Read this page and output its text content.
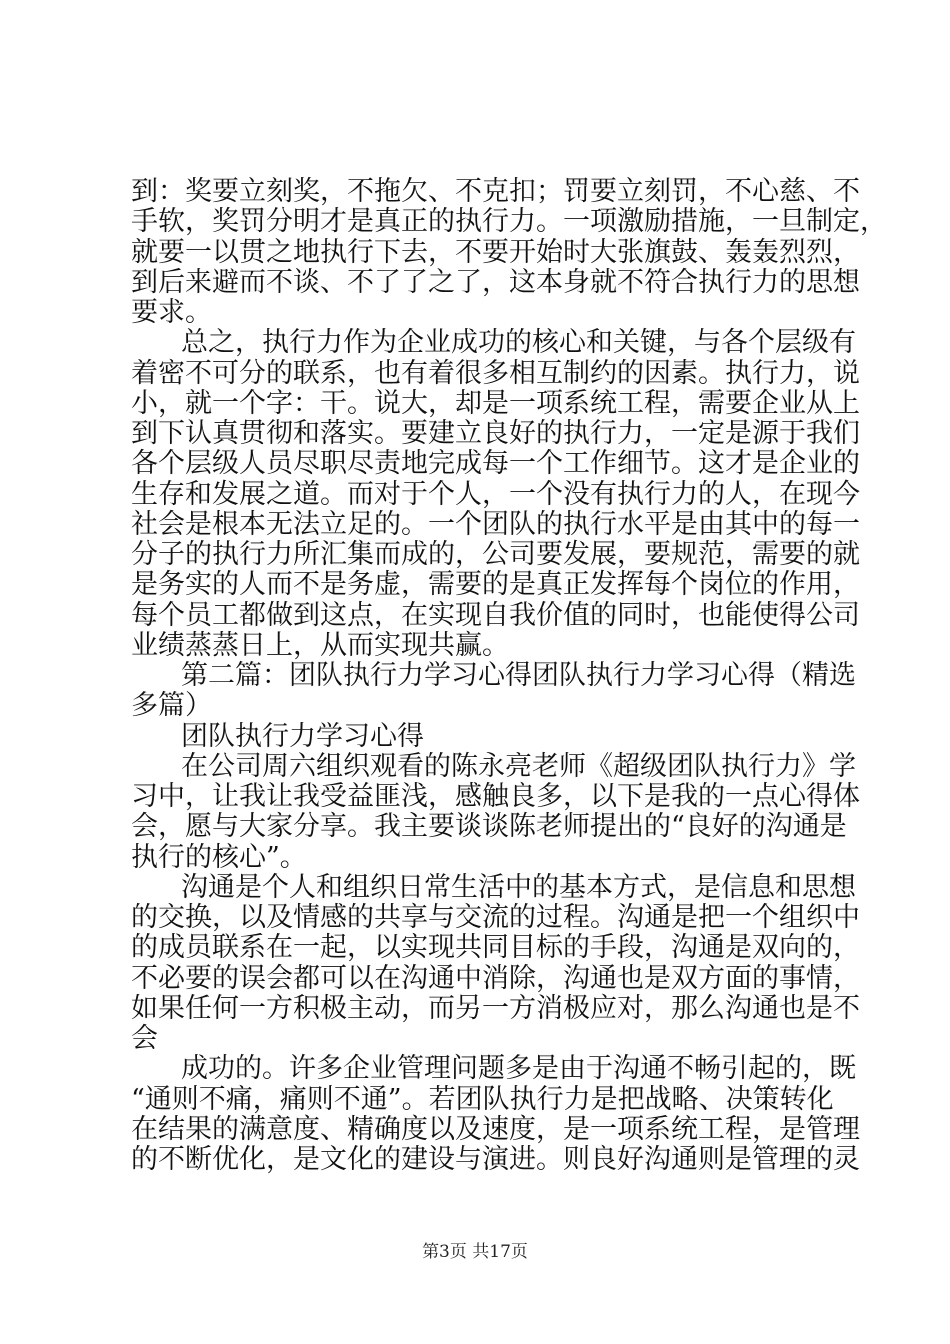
到：奖要立刻奖，不拖欠、不克扣；罚要立刻罚，不心慈、不
手软，奖罚分明才是真正的执行力。一项激励措施，一旦制定，
就要一以贯之地执行下去，不要开始时大张旗鼓、轰轰烈烈，
到后来避而不谈、不了了之了，这本身就不符合执行力的思想
要求。
总之，执行力作为企业成功的核心和关键，与各个层级有
着密不可分的联系，也有着很多相互制约的因素。执行力，说
小，就一个字：干。说大，却是一项系统工程，需要企业从上
到下认真贯彻和落实。要建立良好的执行力，一定是源于我们
各个层级人员尽职尽责地完成每一个工作细节。这才是企业的
生存和发展之道。而对于个人，一个没有执行力的人，在现今
社会是根本无法立足的。一个团队的执行水平是由其中的每一
分子的执行力所汇集而成的，公司要发展，要规范，需要的就
是务实的人而不是务虚，需要的是真正发挥每个岗位的作用，
每个员工都做到这点，在实现自我价值的同时，也能使得公司
业绩蒸蒸日上，从而实现共赢。
第二篇：团队执行力学习心得团队执行力学习心得（精选
多篇）
团队执行力学习心得
在公司周六组织观看的陈永亮老师《超级团队执行力》学
习中，让我让我受益匪浅，感触良多，以下是我的一点心得体
会，愿与大家分享。我主要谈谈陈老师提出的“良好的沟通是
执行的核心”。
沟通是个人和组织日常生活中的基本方式，是信息和思想
的交换，以及情感的共享与交流的过程。沟通是把一个组织中
的成员联系在一起，以实现共同目标的手段，沟通是双向的，
不必要的误会都可以在沟通中消除，沟通也是双方面的事情，
如果任何一方积极主动，而另一方消极应对，那么沟通也是不
会
成功的。许多企业管理问题多是由于沟通不畅引起的，既
“通则不痛，痛则不通”。若团队执行力是把战略、决策转化
在结果的满意度、精确度以及速度，是一项系统工程，是管理
的不断优化，是文化的建设与演进。则良好沟通则是管理的灵
第3页 共17页
